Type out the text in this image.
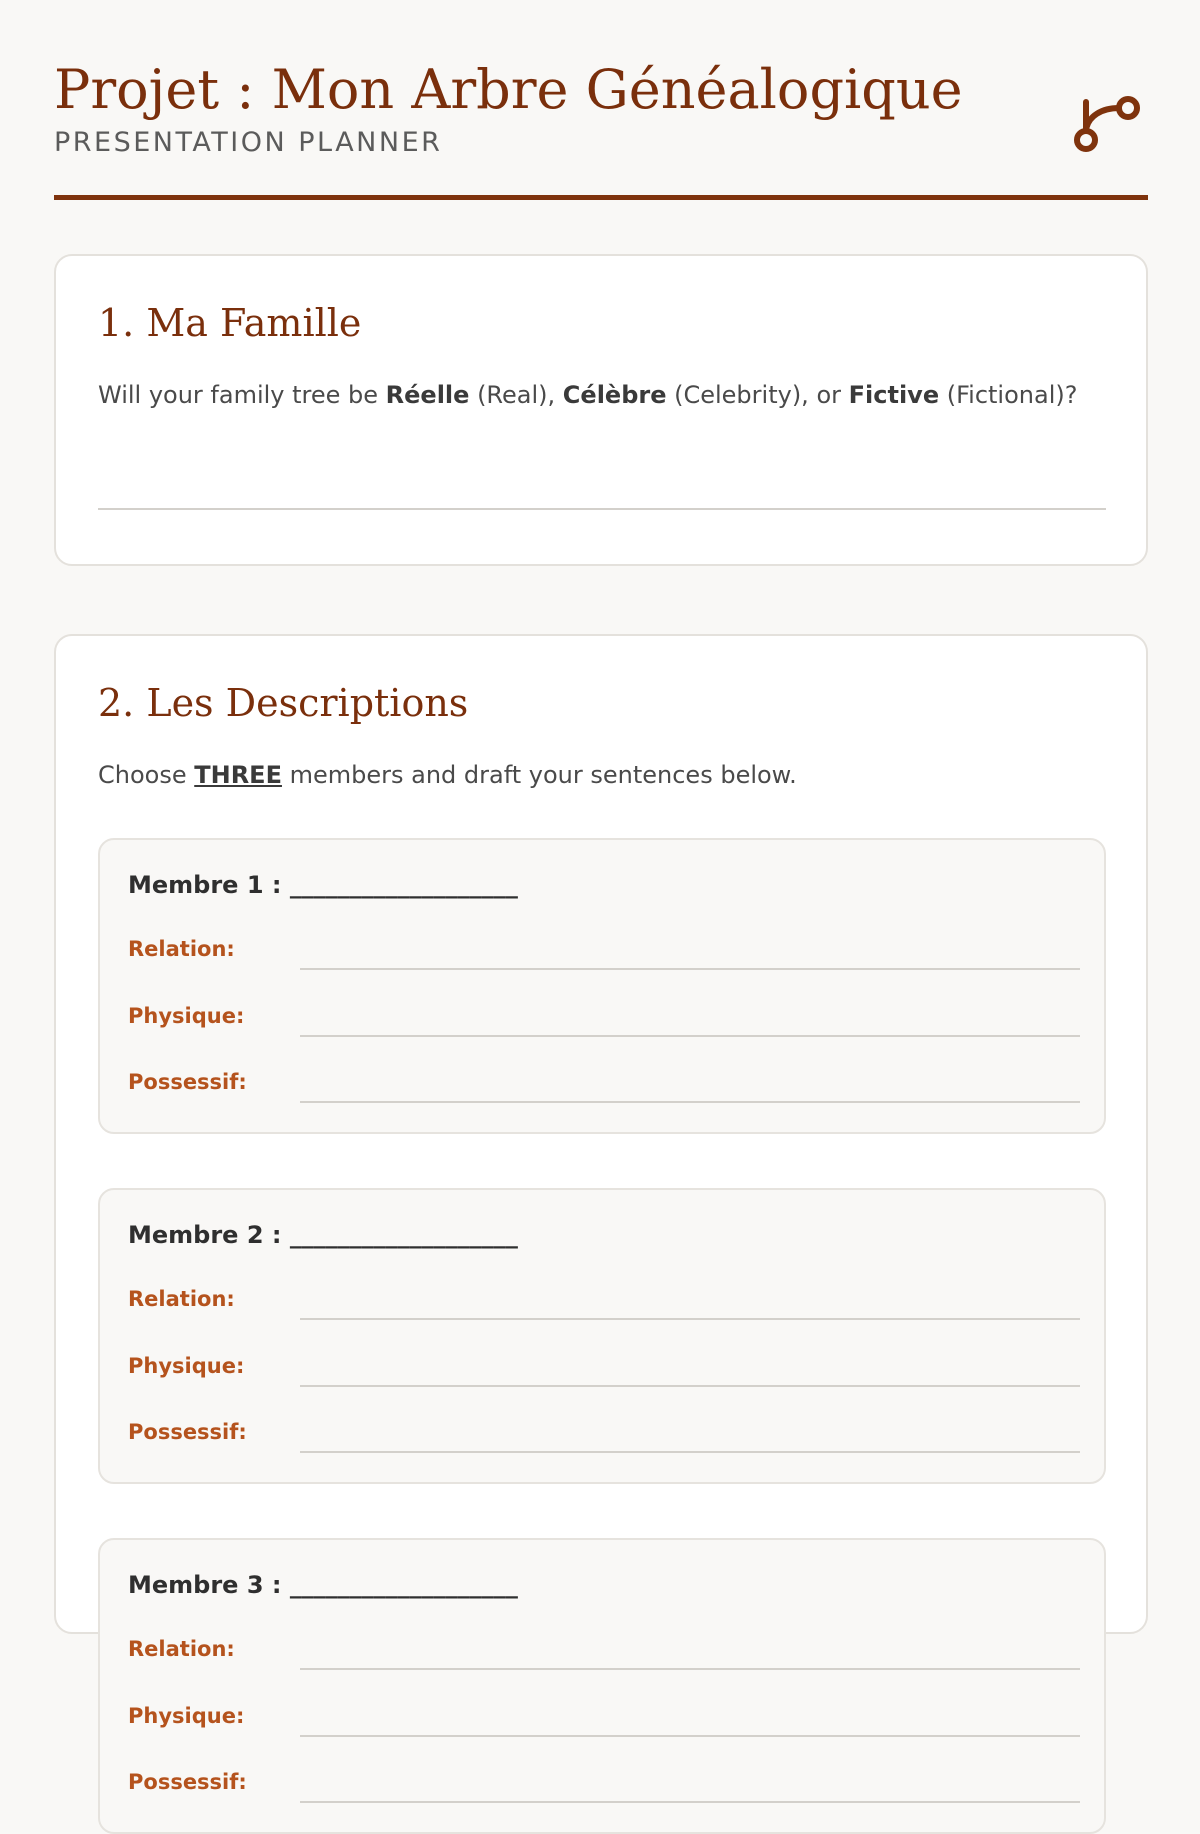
Projet : Mon Arbre Généalogique
PRESENTATION PLANNER
1. Ma Famille
Will your family tree be Réelle (Real), Célèbre (Celebrity), or Fictive (Fictional)?
2. Les Descriptions
Choose THREE members and draft your sentences below.
Membre 1 : ___________________
Relation:
Physique:
Possessif:
Membre 2 : ___________________
Relation:
Physique:
Possessif:
Membre 3 : ___________________
Relation:
Physique:
Possessif:
